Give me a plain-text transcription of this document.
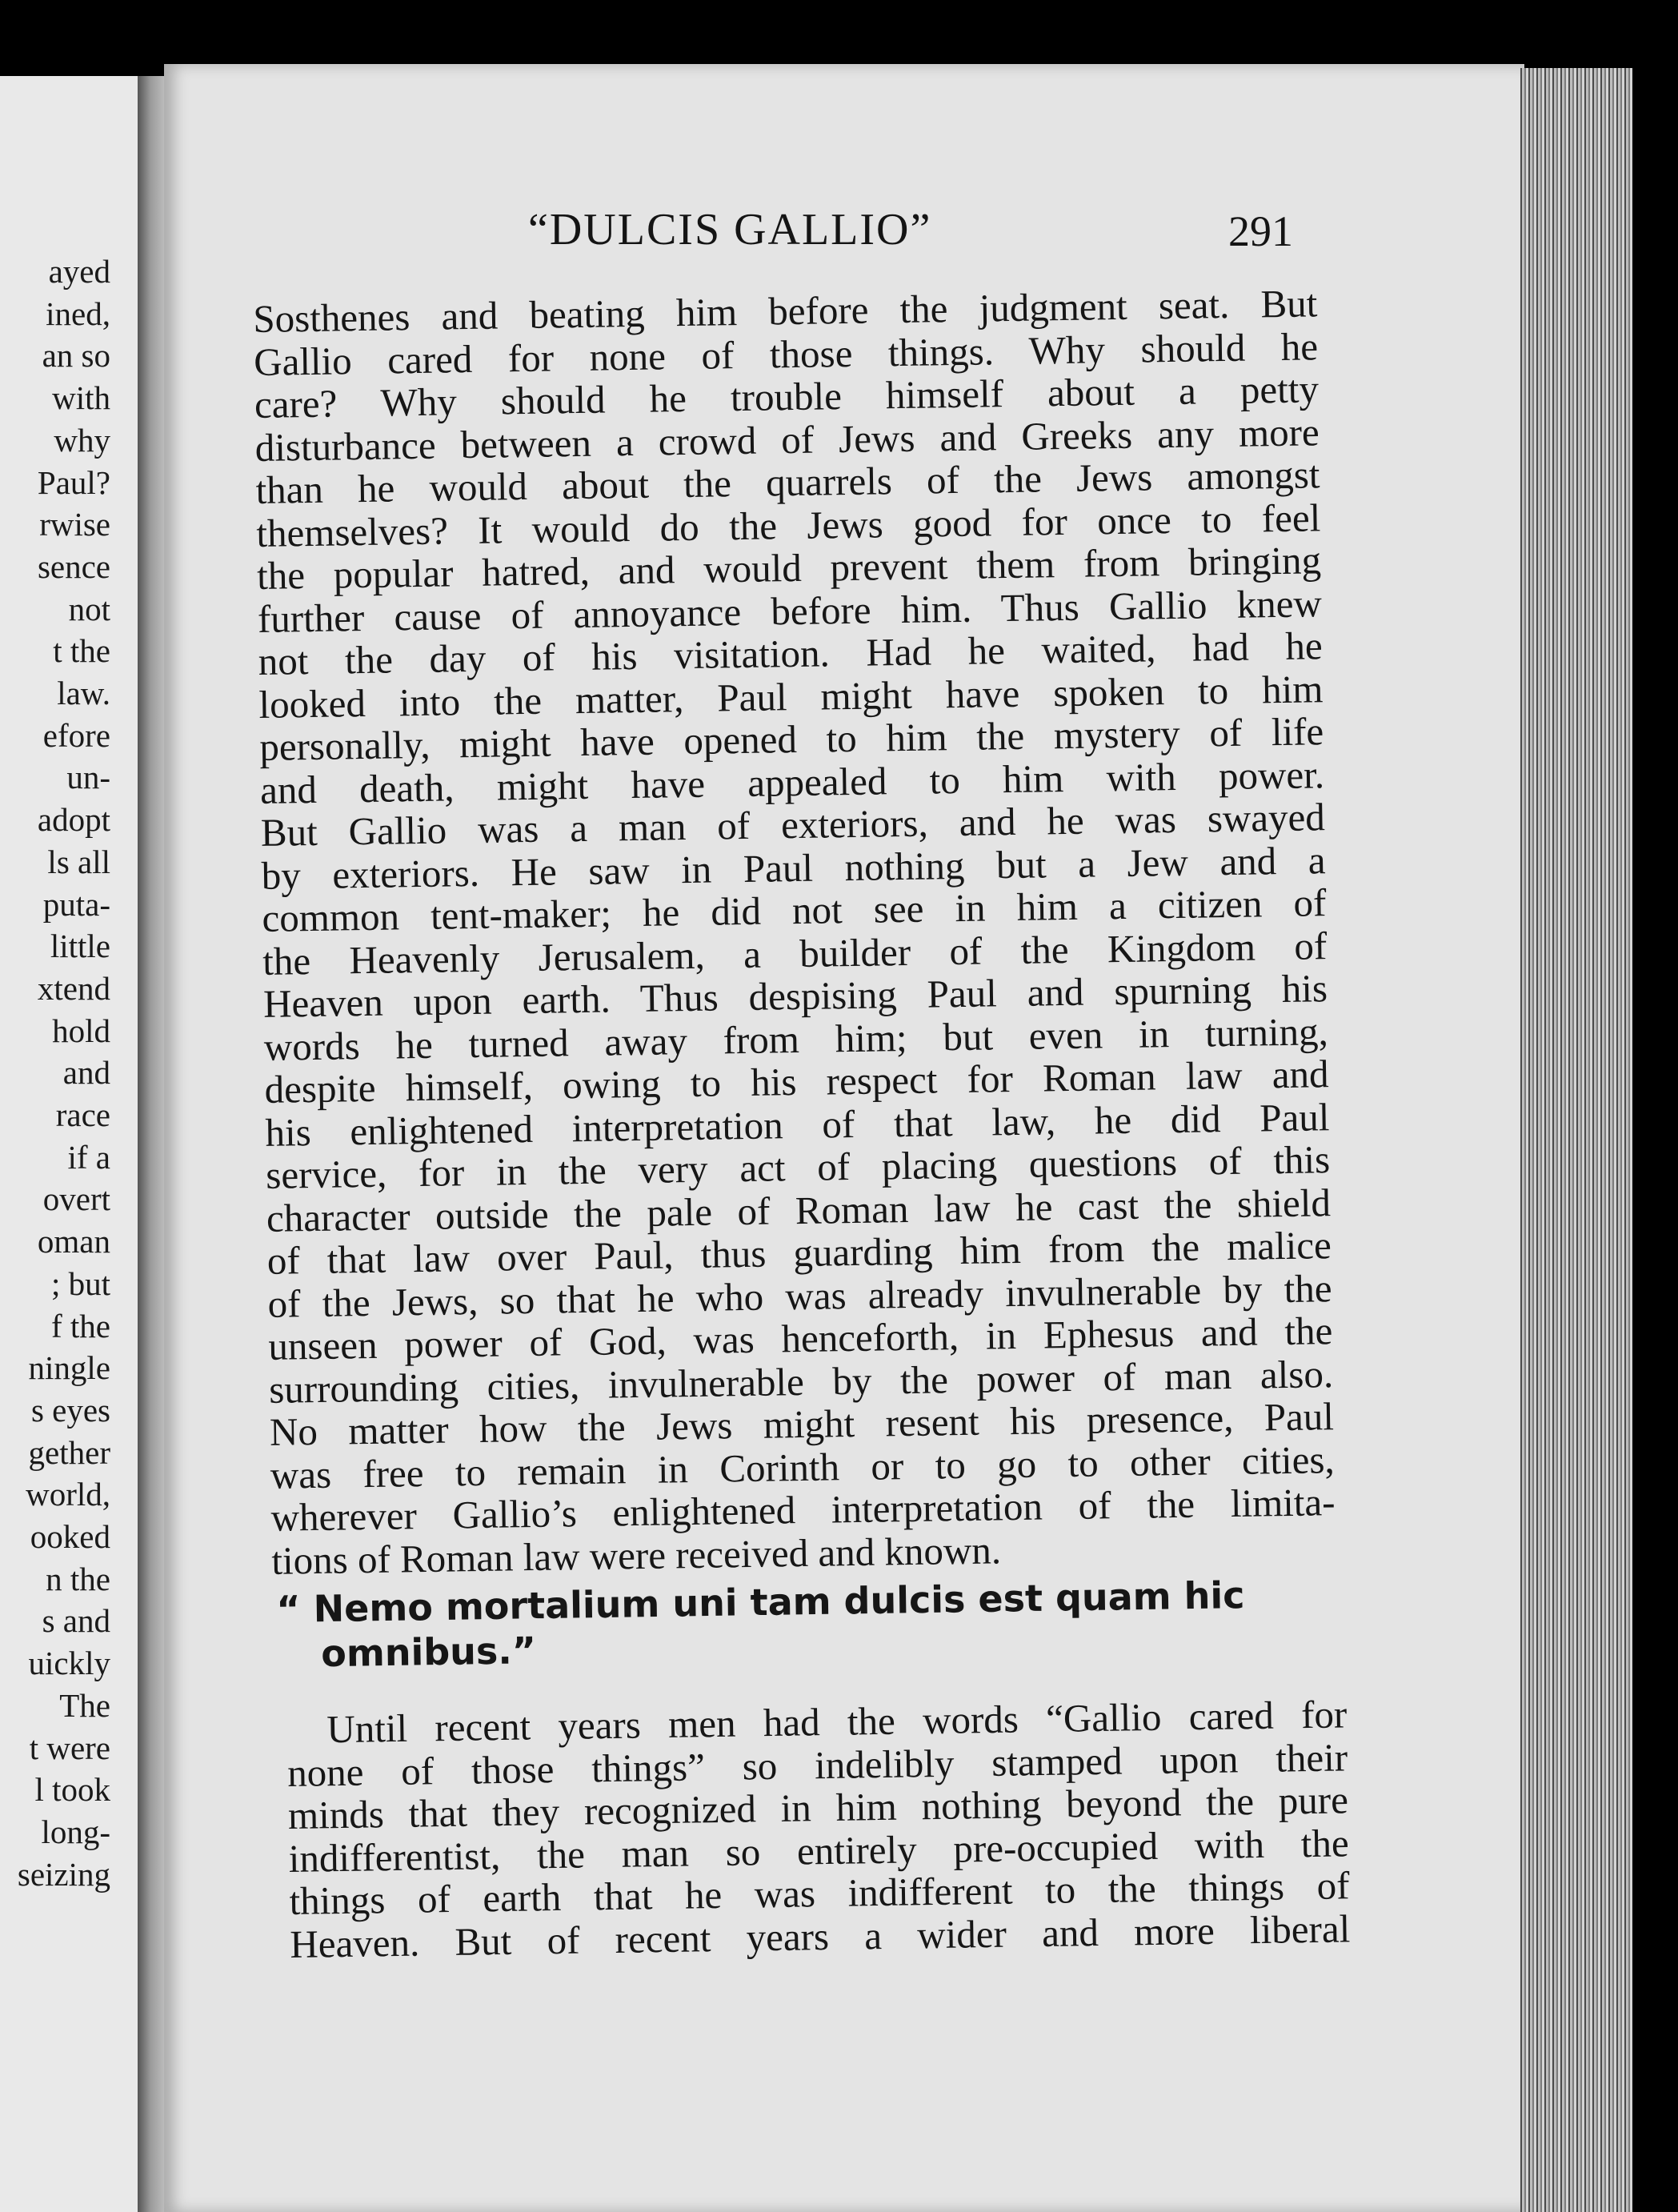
ayed
ined,
an so
with
why
Paul?
rwise
sence
not
t the
law.
efore
un-
adopt
ls all
puta-
little
xtend
hold
and
race
if a
overt
oman
; but
f the
ningle
s eyes
gether
world,
ooked
n the
s and
uickly
The
t were
l took
long-
seizing
“DULCIS GALLIO”	291
Sosthenes and beating him before the judgment seat. But
Gallio cared for none of those things. Why should he
care? Why should he trouble himself about a petty
disturbance between a crowd of Jews and Greeks any more
than he would about the quarrels of the Jews amongst
themselves? It would do the Jews good for once to feel
the popular hatred, and would prevent them from bringing
further cause of annoyance before him. Thus Gallio knew
not the day of his visitation. Had he waited, had he
looked into the matter, Paul might have spoken to him
personally, might have opened to him the mystery of life
and death, might have appealed to him with power.
But Gallio was a man of exteriors, and he was swayed
by exteriors. He saw in Paul nothing but a Jew and a
common tent-maker; he did not see in him a citizen of
the Heavenly Jerusalem, a builder of the Kingdom of
Heaven upon earth. Thus despising Paul and spurning his
words he turned away from him; but even in turning,
despite himself, owing to his respect for Roman law and
his enlightened interpretation of that law, he did Paul
service, for in the very act of placing questions of this
character outside the pale of Roman law he cast the shield
of that law over Paul, thus guarding him from the malice
of the Jews, so that he who was already invulnerable by the
unseen power of God, was henceforth, in Ephesus and the
surrounding cities, invulnerable by the power of man also.
No matter how the Jews might resent his presence, Paul
was free to remain in Corinth or to go to other cities,
wherever Gallio’s enlightened interpretation of the limita-
tions of Roman law were received and known.
“ Nemo mortalium uni tam dulcis est quam hic
omnibus.”
Until recent years men had the words “Gallio cared for
none of those things” so indelibly stamped upon their
minds that they recognized in him nothing beyond the pure
indifferentist, the man so entirely pre-occupied with the
things of earth that he was indifferent to the things of
Heaven. But of recent years a wider and more liberal
